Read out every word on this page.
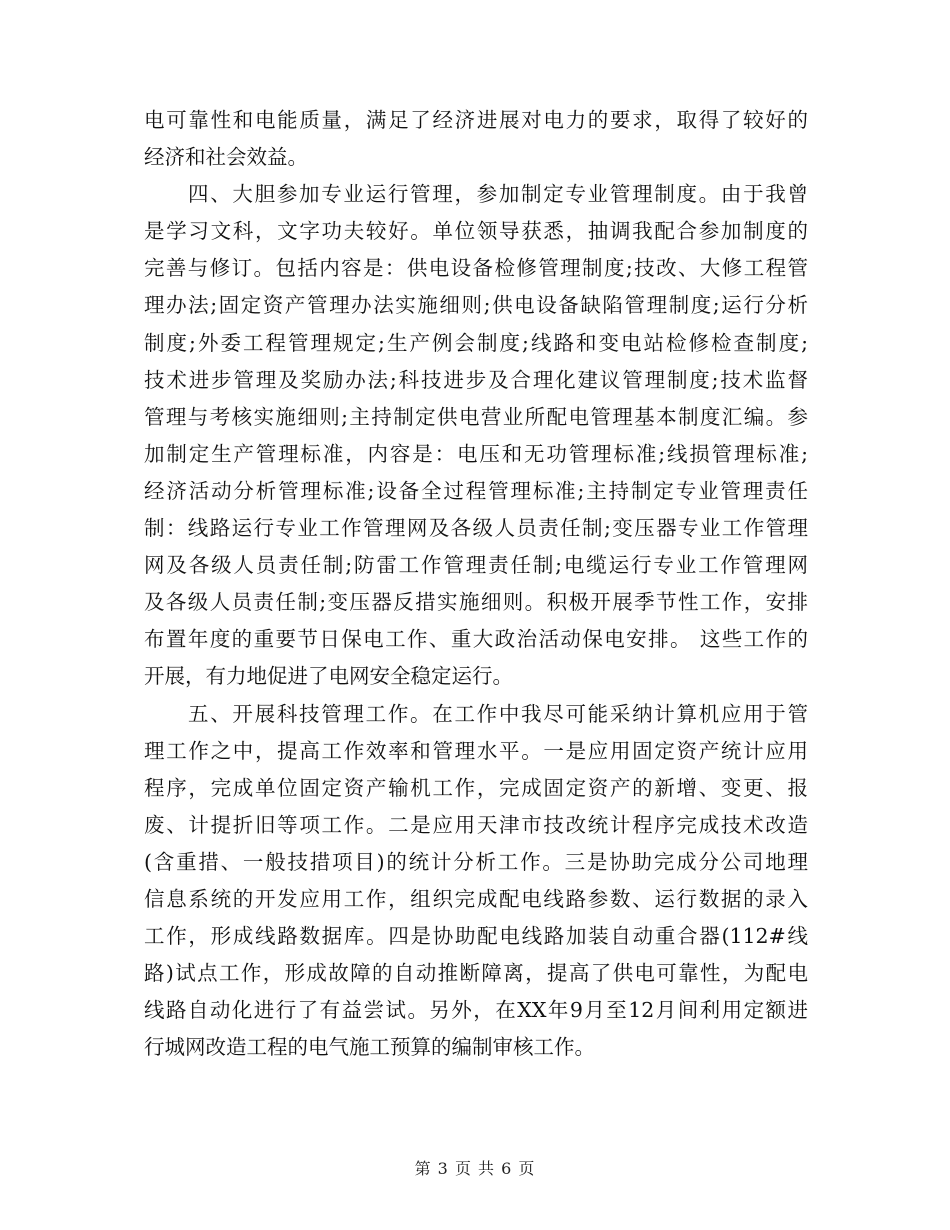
电可靠性和电能质量，满足了经济进展对电力的要求，取得了较好的
经济和社会效益。
四、大胆参加专业运行管理，参加制定专业管理制度。由于我曾
是学习文科，文字功夫较好。单位领导获悉，抽调我配合参加制度的
完善与修订。包括内容是：供电设备检修管理制度;技改、大修工程管
理办法;固定资产管理办法实施细则;供电设备缺陷管理制度;运行分析
制度;外委工程管理规定;生产例会制度;线路和变电站检修检查制度;
技术进步管理及奖励办法;科技进步及合理化建议管理制度;技术监督
管理与考核实施细则;主持制定供电营业所配电管理基本制度汇编。参
加制定生产管理标准，内容是：电压和无功管理标准;线损管理标准;
经济活动分析管理标准;设备全过程管理标准;主持制定专业管理责任
制：线路运行专业工作管理网及各级人员责任制;变压器专业工作管理
网及各级人员责任制;防雷工作管理责任制;电缆运行专业工作管理网
及各级人员责任制;变压器反措实施细则。积极开展季节性工作，安排
布置年度的重要节日保电工作、重大政治活动保电安排。 这些工作的
开展，有力地促进了电网安全稳定运行。
五、开展科技管理工作。在工作中我尽可能采纳计算机应用于管
理工作之中，提高工作效率和管理水平。一是应用固定资产统计应用
程序，完成单位固定资产输机工作，完成固定资产的新增、变更、报
废、计提折旧等项工作。二是应用天津市技改统计程序完成技术改造
(含重措、一般技措项目)的统计分析工作。三是协助完成分公司地理
信息系统的开发应用工作，组织完成配电线路参数、运行数据的录入
工作，形成线路数据库。四是协助配电线路加装自动重合器(112#线
路)试点工作，形成故障的自动推断障离，提高了供电可靠性，为配电
线路自动化进行了有益尝试。另外，在XX年9月至12月间利用定额进
行城网改造工程的电气施工预算的编制审核工作。
第 3 页 共 6 页
